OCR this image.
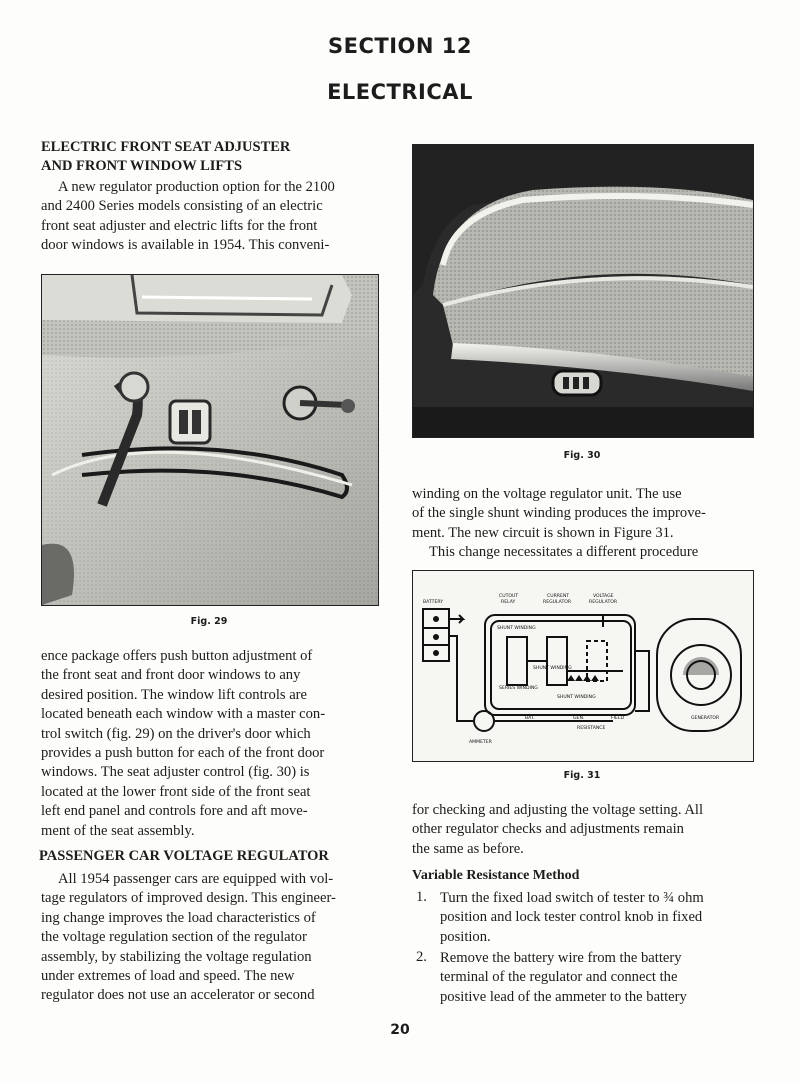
SECTION 12
ELECTRICAL
ELECTRIC FRONT SEAT ADJUSTER
AND FRONT WINDOW LIFTS
A new regulator production option for the 2100
and 2400 Series models consisting of an electric
front seat adjuster and electric lifts for the front
door windows is available in 1954. This conveni-
Fig. 29
ence package offers push button adjustment of
the front seat and front door windows to any
desired position. The window lift controls are
located beneath each window with a master con-
trol switch (fig. 29) on the driver's door which
provides a push button for each of the front door
windows. The seat adjuster control (fig. 30) is
located at the lower front side of the front seat
left end panel and controls fore and aft move-
ment of the seat assembly.
PASSENGER CAR VOLTAGE REGULATOR
All 1954 passenger cars are equipped with vol-
tage regulators of improved design. This engineer-
ing change improves the load characteristics of
the voltage regulation section of the regulator
assembly, by stabilizing the voltage regulation
under extremes of load and speed. The new
regulator does not use an accelerator or second
Fig. 30
winding on the voltage regulator unit. The use
of the single shunt winding produces the improve-
ment. The new circuit is shown in Figure 31.
This change necessitates a different procedure
BATTERY
CUTOUT
RELAY
CURRENT
REGULATOR
VOLTAGE
REGULATOR
SHUNT WINDING
SERIES WINDING
SHUNT WINDING
SHUNT WINDING
BAT.	GEN.	FIELD
RESISTANCE
GENERATOR
AMMETER
Fig. 31
for checking and adjusting the voltage setting. All
other regulator checks and adjustments remain
the same as before.
Variable Resistance Method
1. Turn the fixed load switch of tester to ¾ ohm
position and lock tester control knob in fixed
position.
2. Remove the battery wire from the battery
terminal of the regulator and connect the
positive lead of the ammeter to the battery
20
